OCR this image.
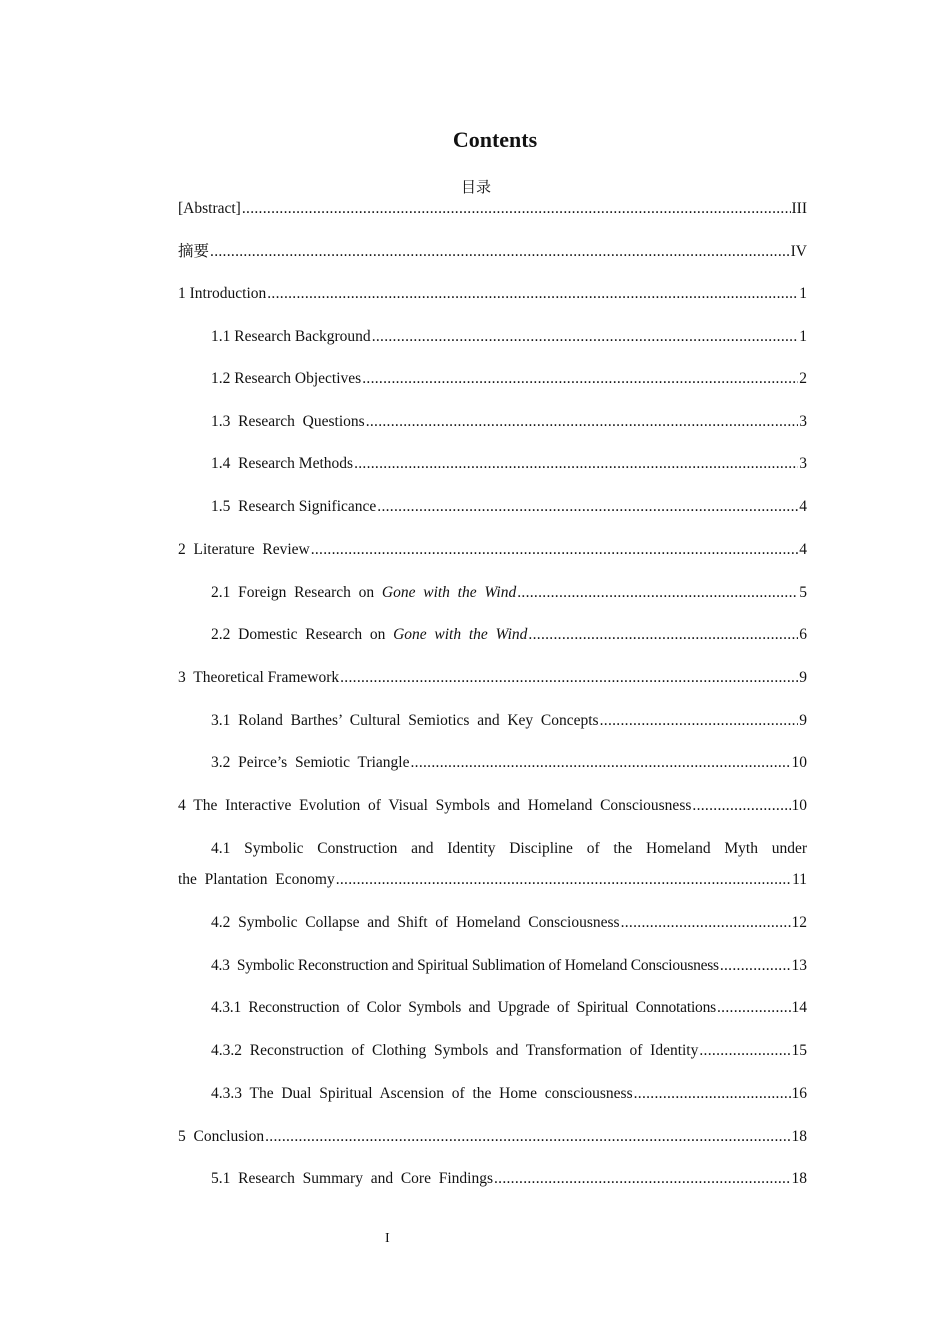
Contents
目录
[Abstract] .....	III
摘要 .....	IV
1 Introduction .....	1
1.1 Research Background .....	1
1.2 Research Objectives .....	2
1.3  Research  Questions .....	3
1.4  Research Methods .....	3
1.5  Research Significance .....	4
2  Literature  Review .....	4
2.1  Foreign  Research  on  Gone  with  the  Wind .....	5
2.2  Domestic  Research  on  Gone  with  the  Wind .....	6
3  Theoretical Framework .....	9
3.1  Roland  Barthes’  Cultural  Semiotics  and  Key  Concepts .....	9
3.2  Peirce’s  Semiotic  Triangle .....	10
4  The  Interactive  Evolution  of  Visual  Symbols  and  Homeland  Consciousness .....	10
4.1  Symbolic  Construction  and  Identity  Discipline  of  the  Homeland  Myth  under
the  Plantation  Economy .....	11
4.2  Symbolic  Collapse  and  Shift  of  Homeland  Consciousness .....	12
4.3  Symbolic Reconstruction and Spiritual Sublimation of Homeland Consciousness .....	13
4.3.1  Reconstruction  of  Color  Symbols  and  Upgrade  of  Spiritual  Connotations .....	14
4.3.2  Reconstruction  of  Clothing  Symbols  and  Transformation  of  Identity .....	15
4.3.3  The  Dual  Spiritual  Ascension  of  the  Home  consciousness .....	16
5  Conclusion .....	18
5.1  Research  Summary  and  Core  Findings .....	18
I
